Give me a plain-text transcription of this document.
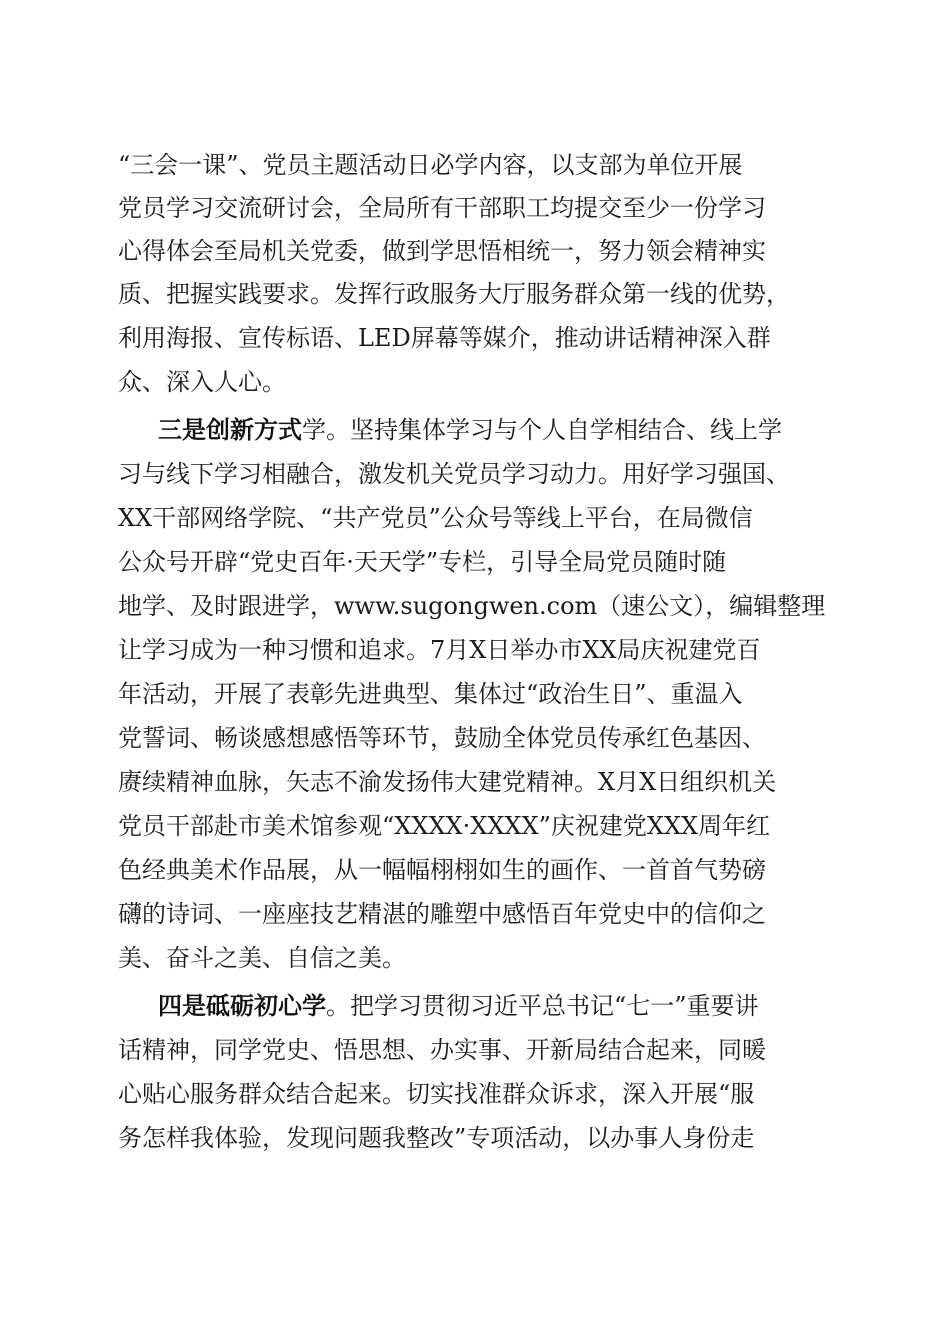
“三会一课”、党员主题活动日必学内容，以支部为单位开展
党员学习交流研讨会，全局所有干部职工均提交至少一份学习
心得体会至局机关党委，做到学思悟相统一，努力领会精神实
质、把握实践要求。发挥行政服务大厅服务群众第一线的优势，
利用海报、宣传标语、LED屏幕等媒介，推动讲话精神深入群
众、深入人心。
三是创新方式学。坚持集体学习与个人自学相结合、线上学
习与线下学习相融合，激发机关党员学习动力。用好学习强国、
XX干部网络学院、“共产党员”公众号等线上平台，在局微信
公众号开辟“党史百年·天天学”专栏，引导全局党员随时随
地学、及时跟进学，www.sugongwen.com（速公文），编辑整理
让学习成为一种习惯和追求。7月X日举办市XX局庆祝建党百
年活动，开展了表彰先进典型、集体过“政治生日”、重温入
党誓词、畅谈感想感悟等环节，鼓励全体党员传承红色基因、
赓续精神血脉，矢志不渝发扬伟大建党精神。X月X日组织机关
党员干部赴市美术馆参观“XXXX·XXXX”庆祝建党XXX周年红
色经典美术作品展，从一幅幅栩栩如生的画作、一首首气势磅
礴的诗词、一座座技艺精湛的雕塑中感悟百年党史中的信仰之
美、奋斗之美、自信之美。
四是砥砺初心学。把学习贯彻习近平总书记“七一”重要讲
话精神，同学党史、悟思想、办实事、开新局结合起来，同暖
心贴心服务群众结合起来。切实找准群众诉求，深入开展“服
务怎样我体验，发现问题我整改”专项活动，以办事人身份走
